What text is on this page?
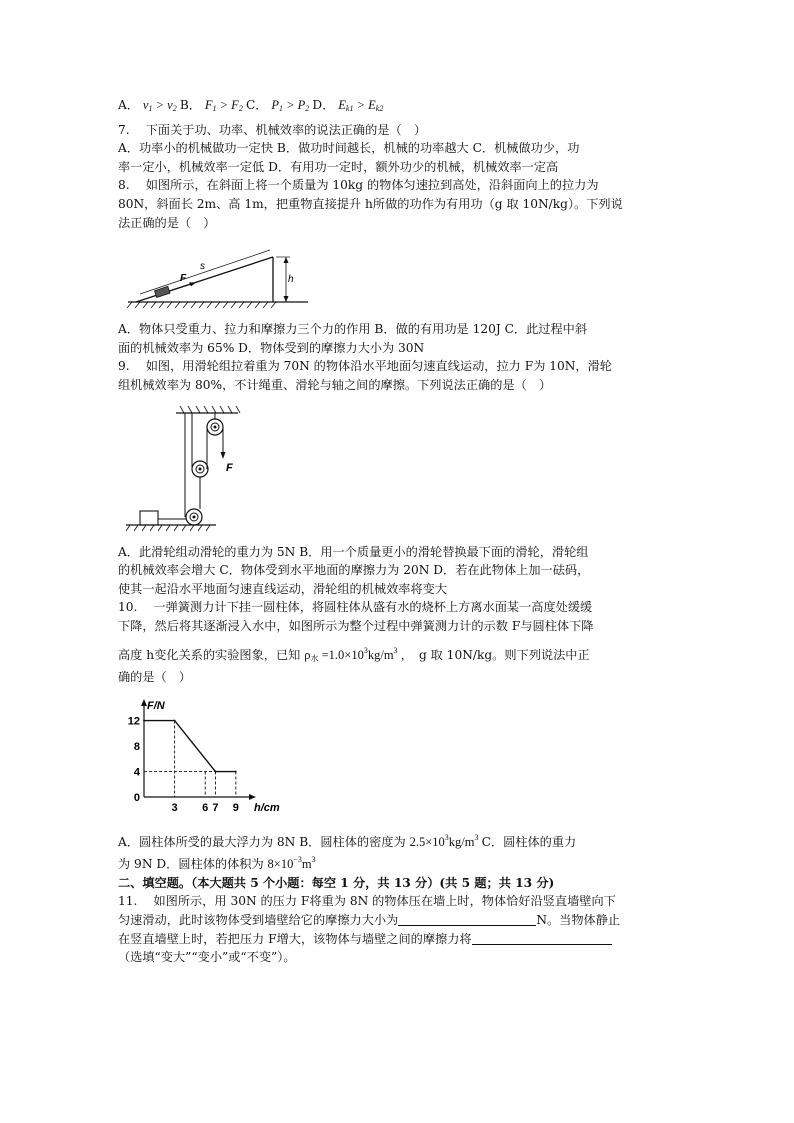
A． $v_1 > v_2$ B． $F_1 > F_2$ C． $P_1 > P_2$ D． $E_{k1} > E_{k2}$
7.　 下面关于功、功率、机械效率的说法正确的是（　）
A．功率小的机械做功一定快 B．做功时间越长，机械的功率越大 C．机械做功少，功
率一定小，机械效率一定低 D．有用功一定时，额外功少的机械，机械效率一定高
8.　 如图所示，在斜面上将一个质量为 10kg 的物体匀速拉到高处，沿斜面向上的拉力为
80N，斜面长 2m、高 1m，把重物直接提升 h所做的功作为有用功（g 取 10N/kg）。下列说
法正确的是（　）
s
F	h
A．物体只受重力、拉力和摩擦力三个力的作用 B．做的有用功是 120J C．此过程中斜
面的机械效率为 65% D．物体受到的摩擦力大小为 30N
9.　 如图，用滑轮组拉着重为 70N 的物体沿水平地面匀速直线运动，拉力 F为 10N，滑轮
组机械效率为 80%，不计绳重、滑轮与轴之间的摩擦。下列说法正确的是（　）
F
A．此滑轮组动滑轮的重力为 5N B．用一个质量更小的滑轮替换最下面的滑轮，滑轮组
的机械效率会增大 C．物体受到水平地面的摩擦力为 20N D．若在此物体上加一砝码，
使其一起沿水平地面匀速直线运动，滑轮组的机械效率将变大
10.　 一弹簧测力计下挂一圆柱体，将圆柱体从盛有水的烧杯上方离水面某一高度处缓缓
下降，然后将其逐渐浸入水中，如图所示为整个过程中弹簧测力计的示数 F与圆柱体下降
高度 h变化关系的实验图象，已知 $\rho_水 =1.0\times 10^3kg/m^3$ ，　g 取 10N/kg。则下列说法中正
确的是（　）
F/N
h/cm
0
4
8
12
3 6 7 9
A．圆柱体所受的最大浮力为 8N B．圆柱体的密度为 $2.5\times 10^3kg/m^3$ C．圆柱体的重力
为 9N D．圆柱体的体积为 $8\times 10^{-3}m^3$
二、填空题。（本大题共 5 个小题：每空 1 分，共 13 分）(共 5 题；共 13 分)
11.　 如图所示，用 30N 的压力 F将重为 8N 的物体压在墙上时，物体恰好沿竖直墙壁向下
匀速滑动，此时该物体受到墙壁给它的摩擦力大小为	N。当物体静止
在竖直墙壁上时，若把压力 F增大，该物体与墙壁之间的摩擦力将
（选填“变大”“变小”或“不变”）。
